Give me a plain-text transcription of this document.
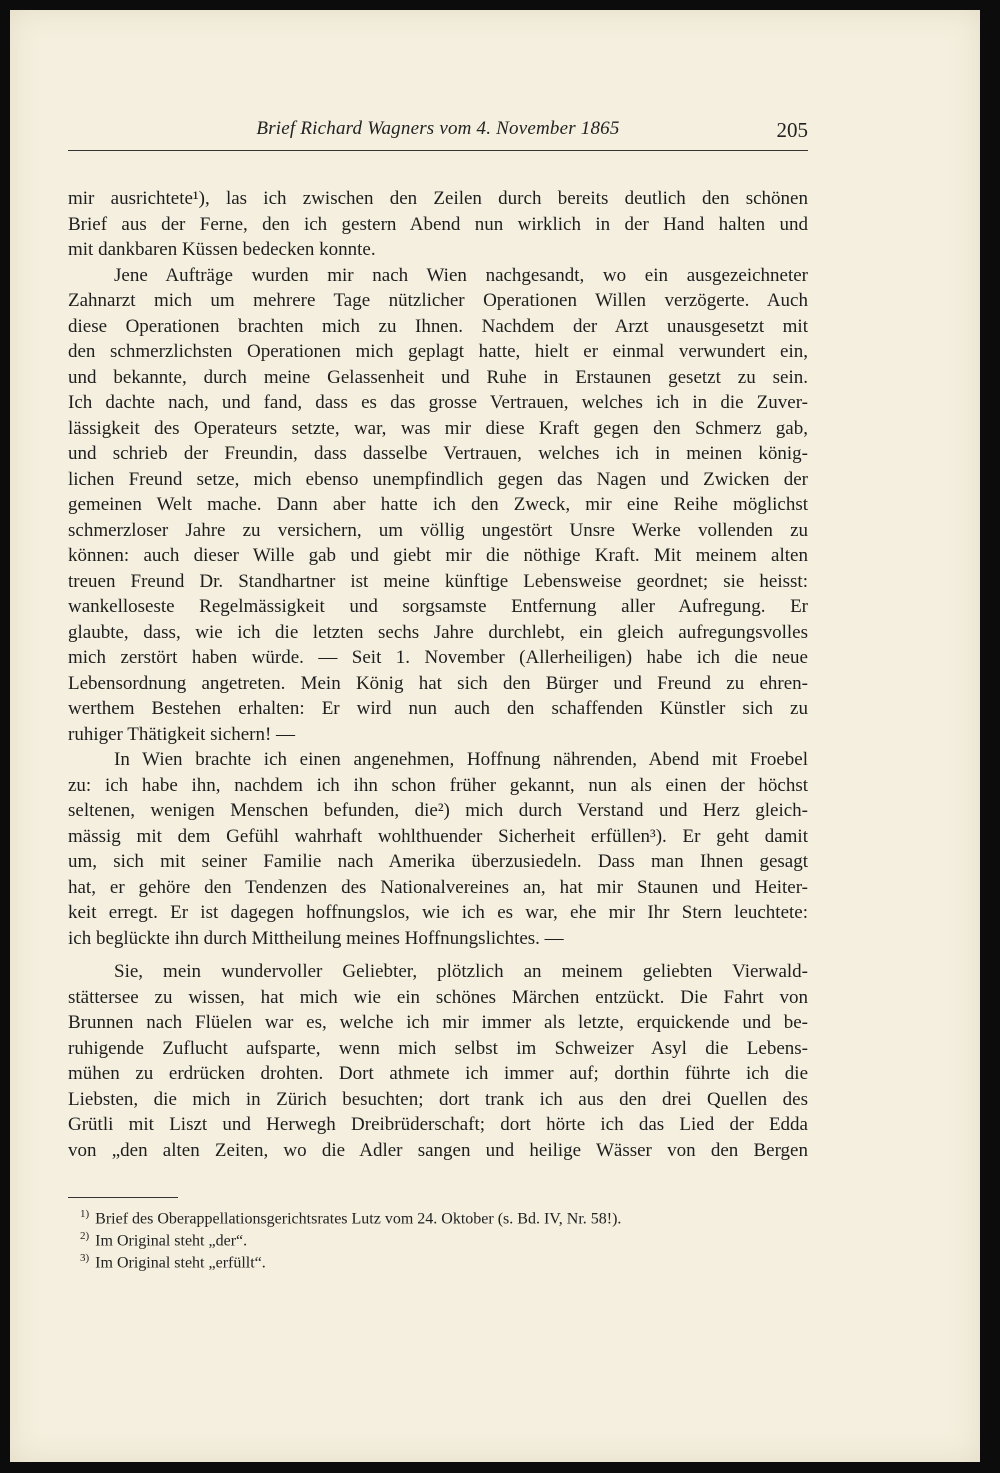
Brief Richard Wagners vom 4. November 1865	205
mir ausrichtete¹), las ich zwischen den Zeilen durch bereits deutlich den schönen
Brief aus der Ferne, den ich gestern Abend nun wirklich in der Hand halten und
mit dankbaren Küssen bedecken konnte.
Jene Aufträge wurden mir nach Wien nachgesandt, wo ein ausgezeichneter
Zahnarzt mich um mehrere Tage nützlicher Operationen Willen verzögerte. Auch
diese Operationen brachten mich zu Ihnen. Nachdem der Arzt unausgesetzt mit
den schmerzlichsten Operationen mich geplagt hatte, hielt er einmal verwundert ein,
und bekannte, durch meine Gelassenheit und Ruhe in Erstaunen gesetzt zu sein.
Ich dachte nach, und fand, dass es das grosse Vertrauen, welches ich in die Zuver-
lässigkeit des Operateurs setzte, war, was mir diese Kraft gegen den Schmerz gab,
und schrieb der Freundin, dass dasselbe Vertrauen, welches ich in meinen könig-
lichen Freund setze, mich ebenso unempfindlich gegen das Nagen und Zwicken der
gemeinen Welt mache. Dann aber hatte ich den Zweck, mir eine Reihe möglichst
schmerzloser Jahre zu versichern, um völlig ungestört Unsre Werke vollenden zu
können: auch dieser Wille gab und giebt mir die nöthige Kraft. Mit meinem alten
treuen Freund Dr. Standhartner ist meine künftige Lebensweise geordnet; sie heisst:
wankelloseste Regelmässigkeit und sorgsamste Entfernung aller Aufregung. Er
glaubte, dass, wie ich die letzten sechs Jahre durchlebt, ein gleich aufregungsvolles
mich zerstört haben würde. — Seit 1. November (Allerheiligen) habe ich die neue
Lebensordnung angetreten. Mein König hat sich den Bürger und Freund zu ehren-
werthem Bestehen erhalten: Er wird nun auch den schaffenden Künstler sich zu
ruhiger Thätigkeit sichern! —
In Wien brachte ich einen angenehmen, Hoffnung nährenden, Abend mit Froebel
zu: ich habe ihn, nachdem ich ihn schon früher gekannt, nun als einen der höchst
seltenen, wenigen Menschen befunden, die²) mich durch Verstand und Herz gleich-
mässig mit dem Gefühl wahrhaft wohlthuender Sicherheit erfüllen³). Er geht damit
um, sich mit seiner Familie nach Amerika überzusiedeln. Dass man Ihnen gesagt
hat, er gehöre den Tendenzen des Nationalvereines an, hat mir Staunen und Heiter-
keit erregt. Er ist dagegen hoffnungslos, wie ich es war, ehe mir Ihr Stern leuchtete:
ich beglückte ihn durch Mittheilung meines Hoffnungslichtes. —
Sie, mein wundervoller Geliebter, plötzlich an meinem geliebten Vierwald-
stättersee zu wissen, hat mich wie ein schönes Märchen entzückt. Die Fahrt von
Brunnen nach Flüelen war es, welche ich mir immer als letzte, erquickende und be-
ruhigende Zuflucht aufsparte, wenn mich selbst im Schweizer Asyl die Lebens-
mühen zu erdrücken drohten. Dort athmete ich immer auf; dorthin führte ich die
Liebsten, die mich in Zürich besuchten; dort trank ich aus den drei Quellen des
Grütli mit Liszt und Herwegh Dreibrüderschaft; dort hörte ich das Lied der Edda
von „den alten Zeiten, wo die Adler sangen und heilige Wässer von den Bergen
$^{1)}$ Brief des Oberappellationsgerichtsrates Lutz vom 24. Oktober (s. Bd. IV, Nr. 58!).
$^{2)}$ Im Original steht „der“.
$^{3)}$ Im Original steht „erfüllt“.
